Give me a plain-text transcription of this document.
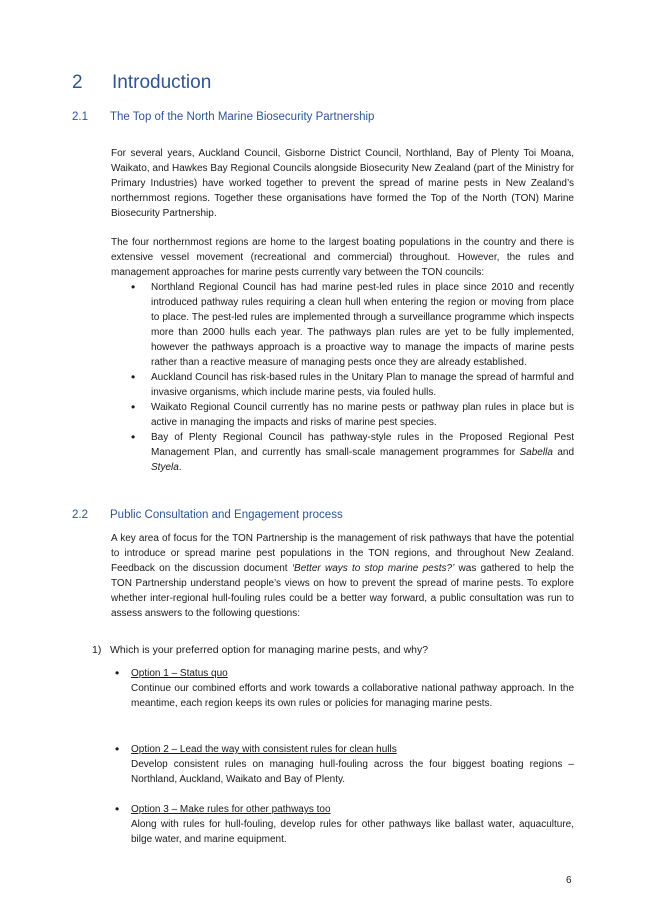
2 Introduction
2.1 The Top of the North Marine Biosecurity Partnership

For several years, Auckland Council, Gisborne District Council, Northland, Bay of Plenty Toi Moana, Waikato, and Hawkes Bay Regional Councils alongside Biosecurity New Zealand (part of the Ministry for Primary Industries) have worked together to prevent the spread of marine pests in New Zealand’s northernmost regions. Together these organisations have formed the Top of the North (TON) Marine Biosecurity Partnership.

The four northernmost regions are home to the largest boating populations in the country and there is extensive vessel movement (recreational and commercial) throughout. However, the rules and management approaches for marine pests currently vary between the TON councils:

• Northland Regional Council has had marine pest-led rules in place since 2010 and recently introduced pathway rules requiring a clean hull when entering the region or moving from place to place. The pest-led rules are implemented through a surveillance programme which inspects more than 2000 hulls each year. The pathways plan rules are yet to be fully implemented, however the pathways approach is a proactive way to manage the impacts of marine pests rather than a reactive measure of managing pests once they are already established.
• Auckland Council has risk-based rules in the Unitary Plan to manage the spread of harmful and invasive organisms, which include marine pests, via fouled hulls.
• Waikato Regional Council currently has no marine pests or pathway plan rules in place but is active in managing the impacts and risks of marine pest species.
• Bay of Plenty Regional Council has pathway-style rules in the Proposed Regional Pest Management Plan, and currently has small-scale management programmes for Sabella and Styela.
2.2 Public Consultation and Engagement process

A key area of focus for the TON Partnership is the management of risk pathways that have the potential to introduce or spread marine pest populations in the TON regions, and throughout New Zealand. Feedback on the discussion document ‘Better ways to stop marine pests?’ was gathered to help the TON Partnership understand people’s views on how to prevent the spread of marine pests. To explore whether inter-regional hull-fouling rules could be a better way forward, a public consultation was run to assess answers to the following questions:

1) Which is your preferred option for managing marine pests, and why?
• Option 1 – Status quo
Continue our combined efforts and work towards a collaborative national pathway approach. In the meantime, each region keeps its own rules or policies for managing marine pests.
• Option 2 – Lead the way with consistent rules for clean hulls
Develop consistent rules on managing hull-fouling across the four biggest boating regions – Northland, Auckland, Waikato and Bay of Plenty.
• Option 3 – Make rules for other pathways too
Along with rules for hull-fouling, develop rules for other pathways like ballast water, aquaculture, bilge water, and marine equipment.
6
